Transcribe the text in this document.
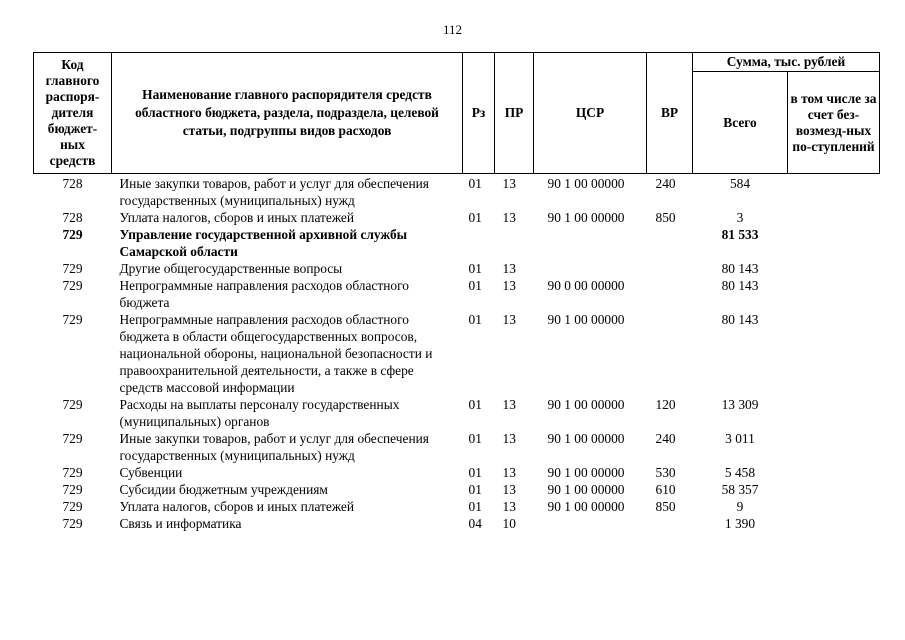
112
Код главного распоря-дителя бюджет-ных средств	Наименование главного распорядителя средств областного бюджета, раздела, подраздела, целевой статьи, подгруппы видов расходов	Рз	ПР	ЦСР	ВР	Сумма, тыс. рублей	
						Всего	в том числе за счет без-возмезд-ных по-ступлений
728	Иные закупки товаров, работ и услуг для обеспечения государственных (муниципальных) нужд	01	13	90 1 00 00000	240	584	
728	Уплата налогов, сборов и иных платежей	01	13	90 1 00 00000	850	3	
729	Управление государственной архивной службы Самарской области					81 533	
729	Другие общегосударственные вопросы	01	13			80 143	
729	Непрограммные направления расходов областного бюджета	01	13	90 0 00 00000		80 143	
729	Непрограммные направления расходов областного бюджета в области общегосударственных вопросов, национальной обороны, национальной безопасности и правоохранительной деятельности, а также в сфере средств массовой информации	01	13	90 1 00 00000		80 143	
729	Расходы на выплаты персоналу государственных (муниципальных) органов	01	13	90 1 00 00000	120	13 309	
729	Иные закупки товаров, работ и услуг для обеспечения государственных (муниципальных) нужд	01	13	90 1 00 00000	240	3 011	
729	Субвенции	01	13	90 1 00 00000	530	5 458	
729	Субсидии бюджетным учреждениям	01	13	90 1 00 00000	610	58 357	
729	Уплата налогов, сборов и иных платежей	01	13	90 1 00 00000	850	9	
729	Связь и информатика	04	10			1 390	
